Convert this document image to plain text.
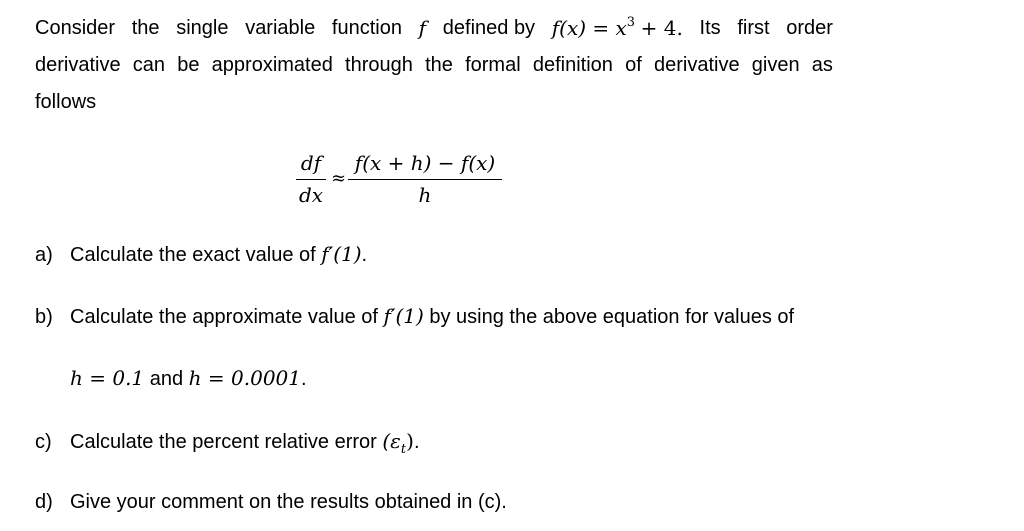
Consider the single variable function f defined by $f(x) = x^3 + 4$. Its first order
derivative can be approximated through the formal definition of derivative given as
follows
df
dx
≈
f(x + h) − f(x)
h
a) Calculate the exact value of f′(1).
b) Calculate the approximate value of f′(1) by using the above equation for values of
h = 0.1 and h = 0.0001.
c) Calculate the percent relative error $(\varepsilon_t)$.
d) Give your comment on the results obtained in (c).
